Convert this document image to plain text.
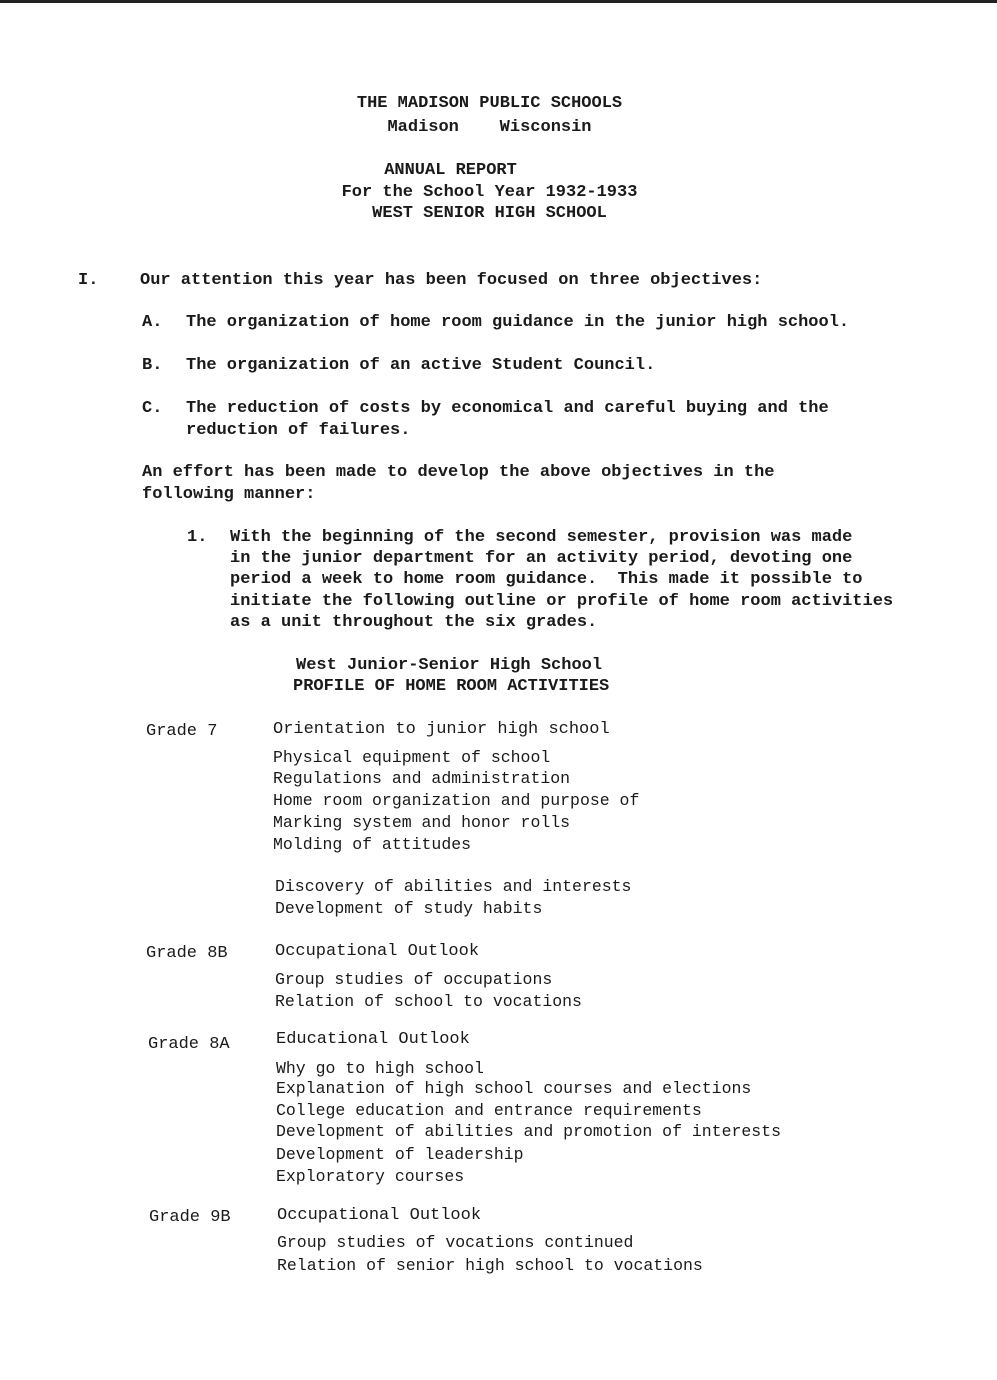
THE MADISON PUBLIC SCHOOLS
Madison    Wisconsin
ANNUAL REPORT
For the School Year 1932-1933
WEST SENIOR HIGH SCHOOL
I. Our attention this year has been focused on three objectives:
A. The organization of home room guidance in the junior high school.
B. The organization of an active Student Council.
C. The reduction of costs by economical and careful buying and the
reduction of failures.
An effort has been made to develop the above objectives in the
following manner:
1. With the beginning of the second semester, provision was made
in the junior department for an activity period, devoting one
period a week to home room guidance.  This made it possible to
initiate the following outline or profile of home room activities
as a unit throughout the six grades.
West Junior-Senior High School
PROFILE OF HOME ROOM ACTIVITIES
Grade 7	Orientation to junior high school
Physical equipment of school
Regulations and administration
Home room organization and purpose of
Marking system and honor rolls
Molding of attitudes
Discovery of abilities and interests
Development of study habits
Grade 8B	Occupational Outlook
Group studies of occupations
Relation of school to vocations
Grade 8A	Educational Outlook
Why go to high school
Explanation of high school courses and elections
College education and entrance requirements
Development of abilities and promotion of interests
Development of leadership
Exploratory courses
Grade 9B	Occupational Outlook
Group studies of vocations continued
Relation of senior high school to vocations
